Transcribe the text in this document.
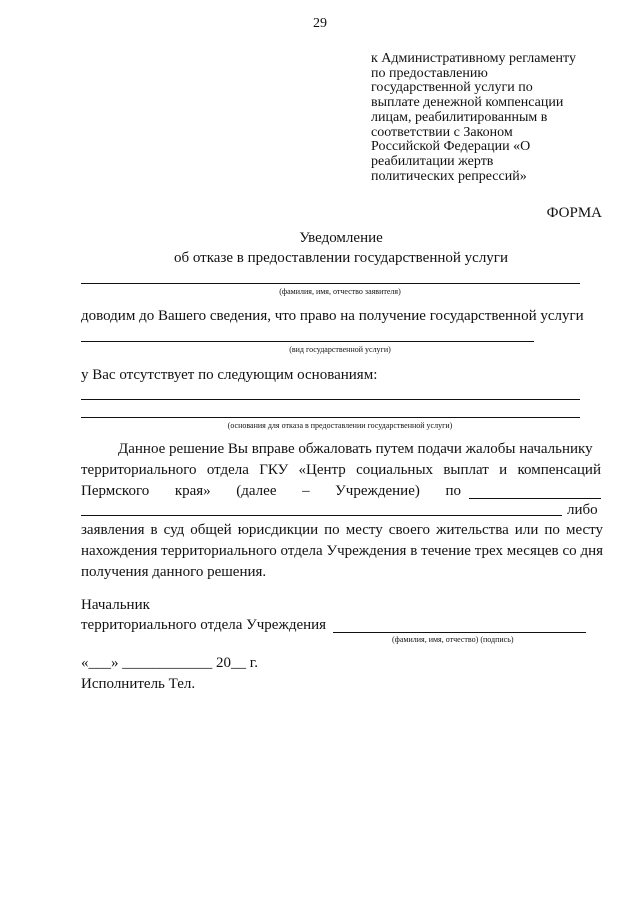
29
к Административному регламенту
по предоставлению
государственной услуги по
выплате денежной компенсации
лицам, реабилитированным в
соответствии с Законом
Российской Федерации «О
реабилитации жертв
политических репрессий»
ФОРМА
Уведомление
об отказе в предоставлении государственной услуги
(фамилия, имя, отчество заявителя)
доводим до Вашего сведения, что право на получение государственной услуги
(вид государственной услуги)
у Вас отсутствует по следующим основаниям:
(основания для отказа в предоставлении государственной услуги)
Данное решение Вы вправе обжаловать путем подачи жалобы начальнику
территориального отдела ГКУ «Центр социальных выплат и компенсаций
Пермского края» (далее – Учреждение) по
либо
заявления в суд общей юрисдикции по месту своего жительства или по месту нахождения территориального отдела Учреждения в течение трех месяцев со дня получения данного решения.
Начальник
территориального отдела Учреждения
(фамилия, имя, отчество) (подпись)
«___» ____________ 20__ г.
Исполнитель Тел.
